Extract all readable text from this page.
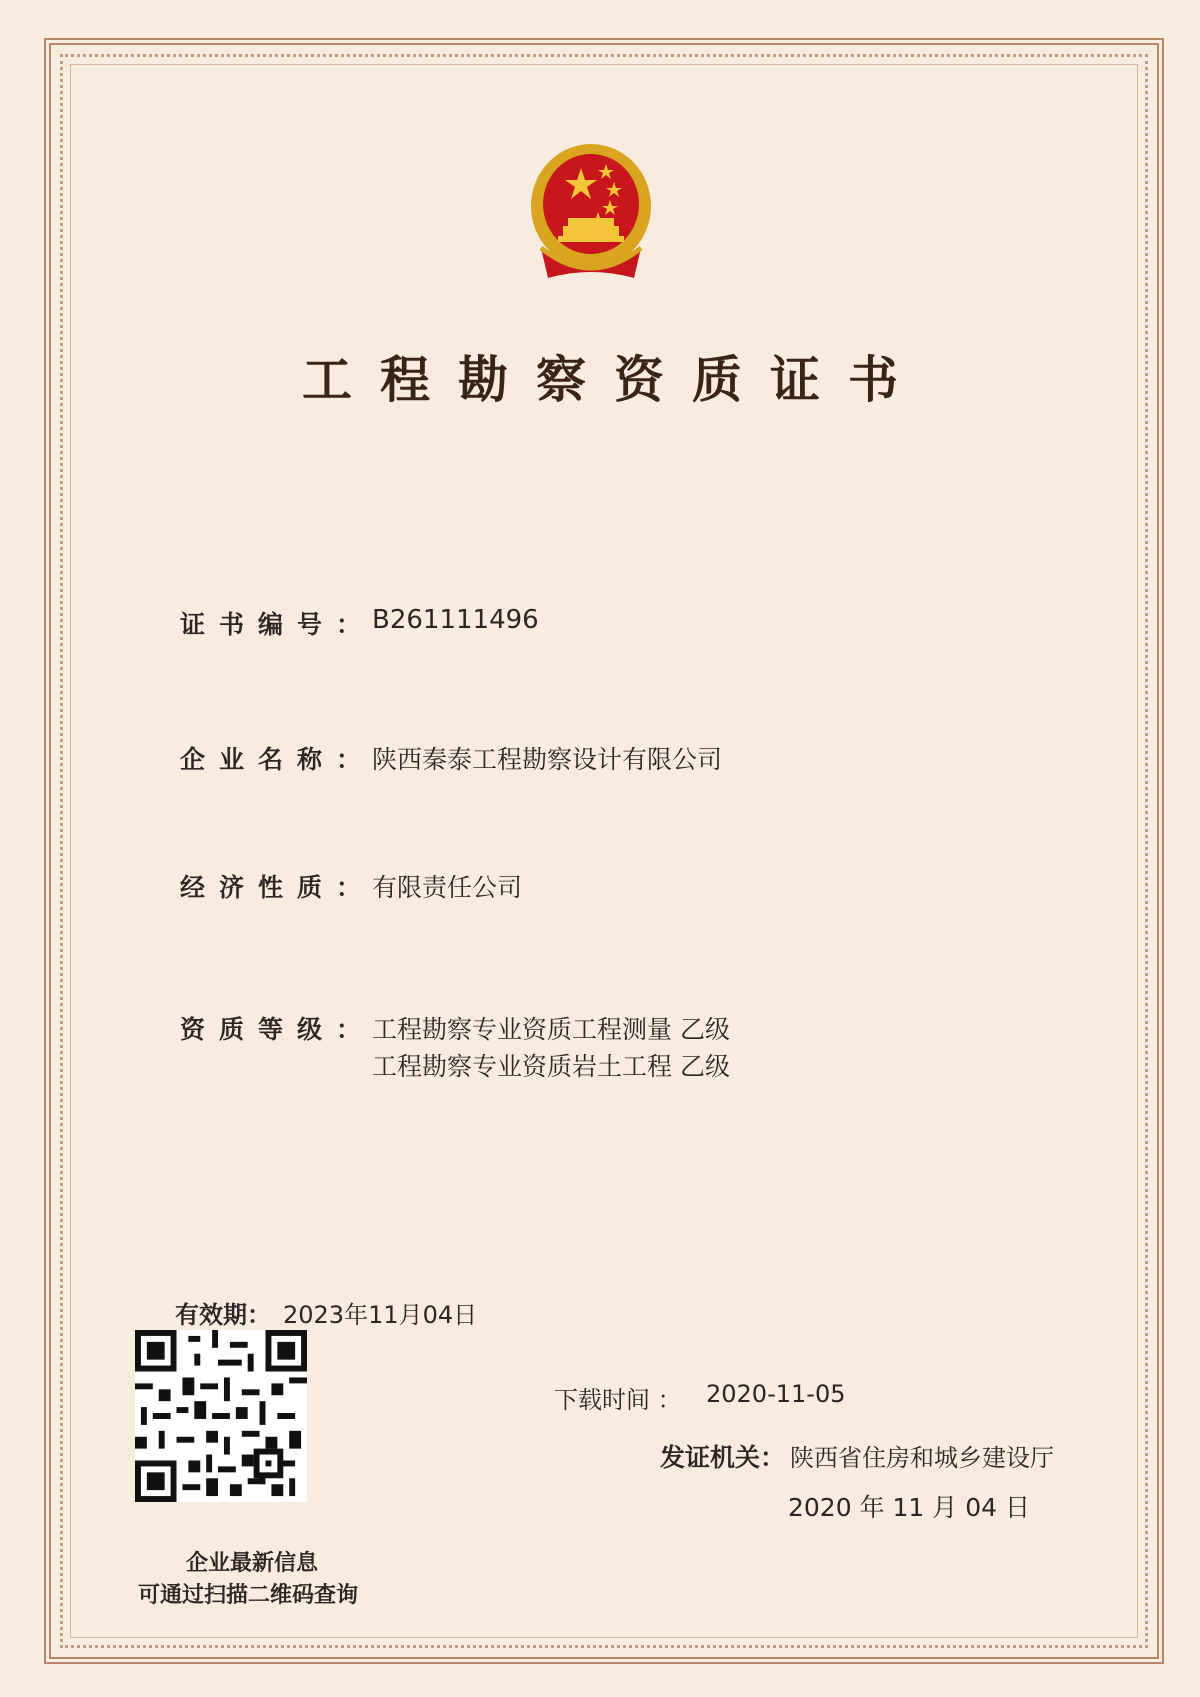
工程勘察资质证书
证书编号：
B261111496
企业名称：
陕西秦泰工程勘察设计有限公司
经济性质：
有限责任公司
资质等级：
工程勘察专业资质工程测量 乙级
工程勘察专业资质岩土工程 乙级
有效期： 2023年11月04日
企业最新信息
可通过扫描二维码查询
下载时间 ： 2020-11-05
发证机关： 陕西省住房和城乡建设厅
2020 年 11 月 04 日
